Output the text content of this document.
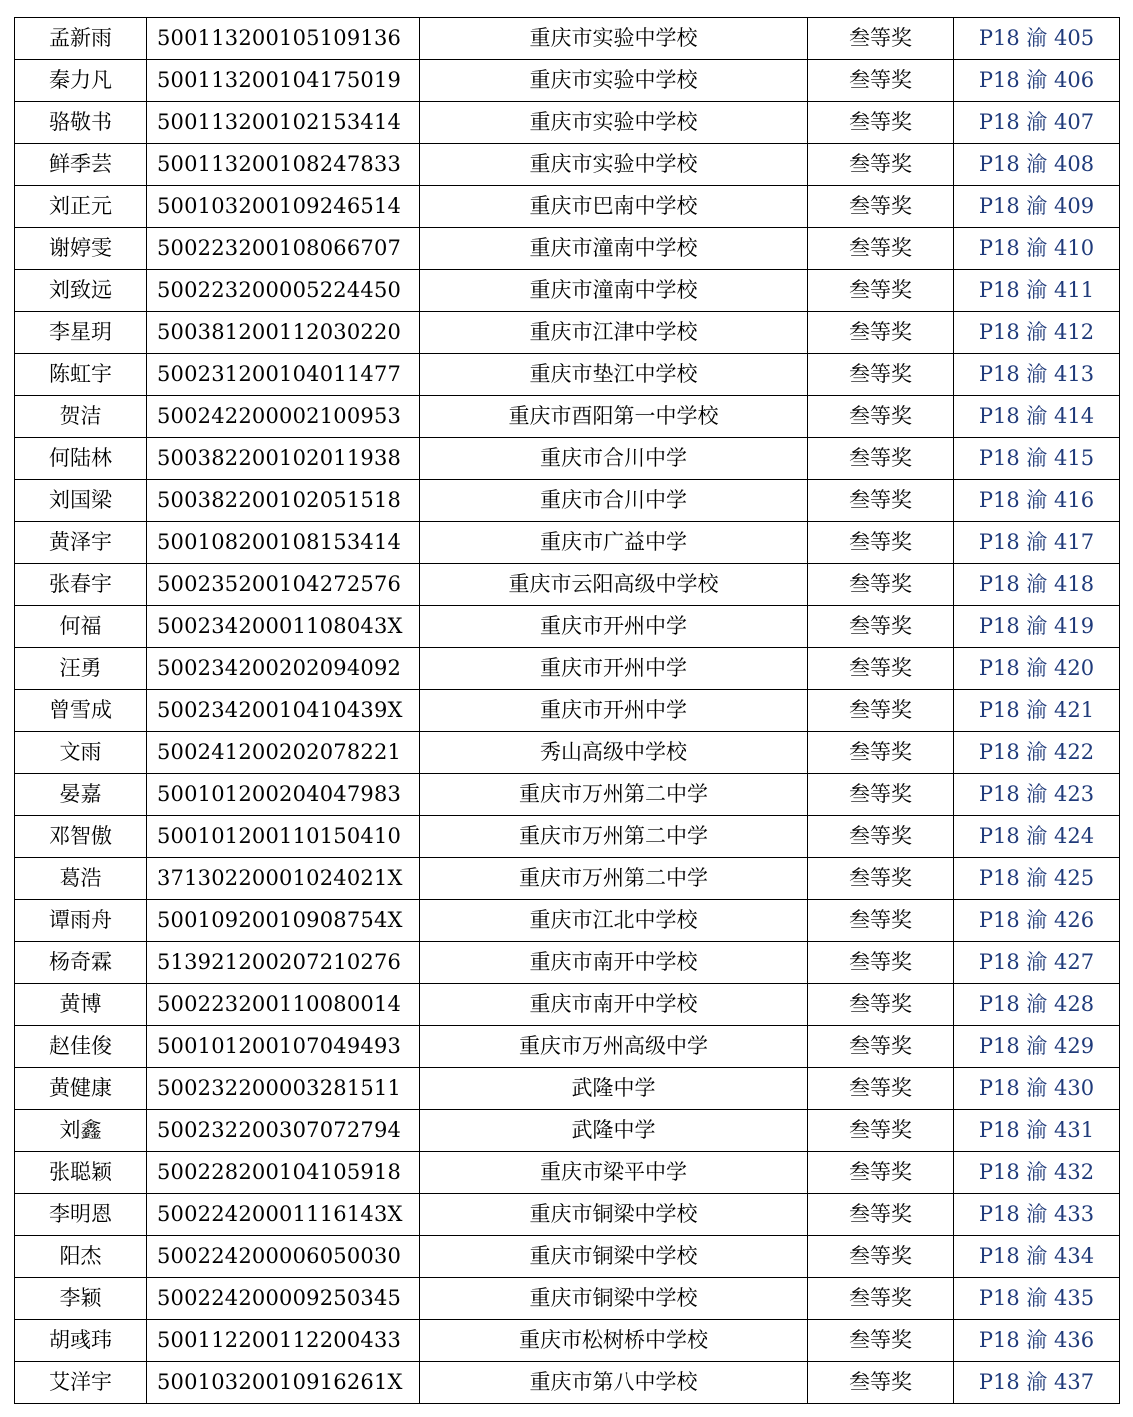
孟新雨	500113200105109136	重庆市实验中学校	叁等奖	P18 渝 405
秦力凡	500113200104175019	重庆市实验中学校	叁等奖	P18 渝 406
骆敬书	500113200102153414	重庆市实验中学校	叁等奖	P18 渝 407
鲜季芸	500113200108247833	重庆市实验中学校	叁等奖	P18 渝 408
刘正元	500103200109246514	重庆市巴南中学校	叁等奖	P18 渝 409
谢婷雯	500223200108066707	重庆市潼南中学校	叁等奖	P18 渝 410
刘致远	500223200005224450	重庆市潼南中学校	叁等奖	P18 渝 411
李星玥	500381200112030220	重庆市江津中学校	叁等奖	P18 渝 412
陈虹宇	500231200104011477	重庆市垫江中学校	叁等奖	P18 渝 413
贺洁	500242200002100953	重庆市酉阳第一中学校	叁等奖	P18 渝 414
何陆林	500382200102011938	重庆市合川中学	叁等奖	P18 渝 415
刘国梁	500382200102051518	重庆市合川中学	叁等奖	P18 渝 416
黄泽宇	500108200108153414	重庆市广益中学	叁等奖	P18 渝 417
张春宇	500235200104272576	重庆市云阳高级中学校	叁等奖	P18 渝 418
何福	50023420001108043X	重庆市开州中学	叁等奖	P18 渝 419
汪勇	500234200202094092	重庆市开州中学	叁等奖	P18 渝 420
曾雪成	50023420010410439X	重庆市开州中学	叁等奖	P18 渝 421
文雨	500241200202078221	秀山高级中学校	叁等奖	P18 渝 422
晏嘉	500101200204047983	重庆市万州第二中学	叁等奖	P18 渝 423
邓智傲	500101200110150410	重庆市万州第二中学	叁等奖	P18 渝 424
葛浩	37130220001024021X	重庆市万州第二中学	叁等奖	P18 渝 425
谭雨舟	50010920010908754X	重庆市江北中学校	叁等奖	P18 渝 426
杨奇霖	513921200207210276	重庆市南开中学校	叁等奖	P18 渝 427
黄博	500223200110080014	重庆市南开中学校	叁等奖	P18 渝 428
赵佳俊	500101200107049493	重庆市万州高级中学	叁等奖	P18 渝 429
黄健康	500232200003281511	武隆中学	叁等奖	P18 渝 430
刘鑫	500232200307072794	武隆中学	叁等奖	P18 渝 431
张聪颖	500228200104105918	重庆市梁平中学	叁等奖	P18 渝 432
李明恩	50022420001116143X	重庆市铜梁中学校	叁等奖	P18 渝 433
阳杰	500224200006050030	重庆市铜梁中学校	叁等奖	P18 渝 434
李颖	500224200009250345	重庆市铜梁中学校	叁等奖	P18 渝 435
胡彧玮	500112200112200433	重庆市松树桥中学校	叁等奖	P18 渝 436
艾洋宇	50010320010916261X	重庆市第八中学校	叁等奖	P18 渝 437
